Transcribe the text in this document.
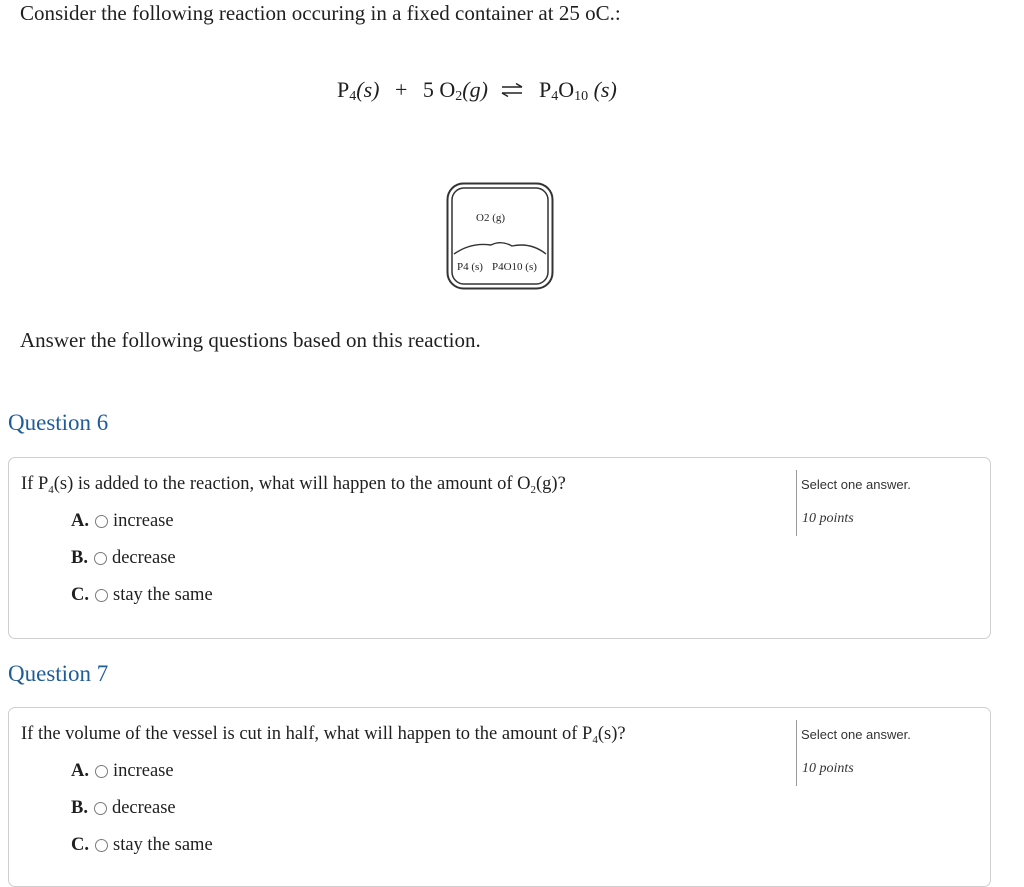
Consider the following reaction occuring in a fixed container at 25 oC.:

$P_4(s) + 5$ $O_2(g)$ ⇌ $P_4O_{10}$ (s)
O2 (g)
P4 (s) P4O10 (s)

Answer the following questions based on this reaction.

Question 6

If $P_4(s)$ is added to the reaction, what will happen to the amount of $O_2(g)$?

A. increase
B. decrease
C. stay the same
Select one answer.
10 points
Question 7

If the volume of the vessel is cut in half, what will happen to the amount of $P_4(s)$?

A. increase
B. decrease
C. stay the same
Select one answer.
10 points
